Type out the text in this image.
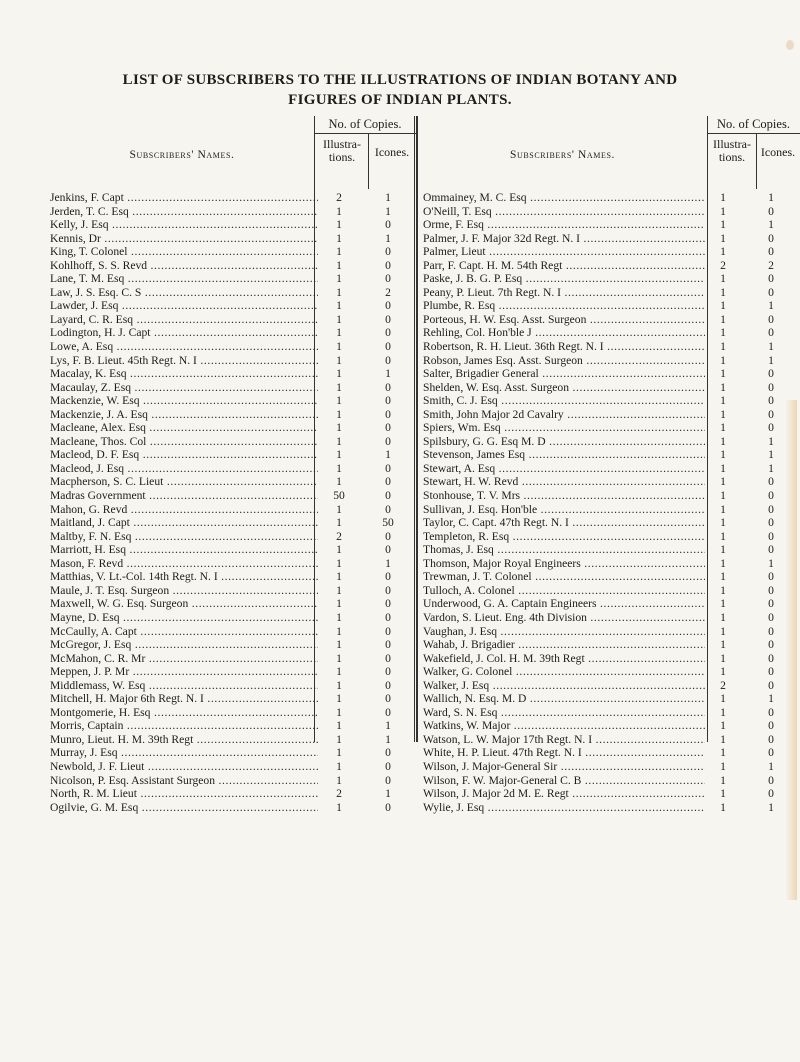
LIST OF SUBSCRIBERS TO THE ILLUSTRATIONS OF INDIAN BOTANY AND
FIGURES OF INDIAN PLANTS.
No. of Copies.
Subscribers' Names.
Illustra-
tions.	Icones.
Jenkins, F. Capt .....	2	1
Jerden, T. C. Esq .....	1	1
Kelly, J. Esq .....	1	0
Kennis, Dr .....	1	1
King, T. Colonel .....	1	0
Kohlhoff, S. S. Revd .....	1	0
Lane, T. M. Esq .....	1	0
Law, J. S. Esq. C. S .....	1	2
Lawder, J. Esq .....	1	0
Layard, C. R. Esq .....	1	0
Lodington, H. J. Capt .....	1	0
Lowe, A. Esq .....	1	0
Lys, F. B. Lieut. 45th Regt. N. I .....	1	0
Macalay, K. Esq .....	1	1
Macaulay, Z. Esq .....	1	0
Mackenzie, W. Esq .....	1	0
Mackenzie, J. A. Esq .....	1	0
Macleane, Alex. Esq .....	1	0
Macleane, Thos. Col .....	1	0
Macleod, D. F. Esq .....	1	1
Macleod, J. Esq .....	1	0
Macpherson, S. C. Lieut .....	1	0
Madras Government .....	50	0
Mahon, G. Revd .....	1	0
Maitland, J. Capt .....	1	50
Maltby, F. N. Esq .....	2	0
Marriott, H. Esq .....	1	0
Mason, F. Revd .....	1	1
Matthias, V. Lt.-Col. 14th Regt. N. I .....	1	0
Maule, J. T. Esq. Surgeon .....	1	0
Maxwell, W. G. Esq. Surgeon .....	1	0
Mayne, D. Esq .....	1	0
McCaully, A. Capt .....	1	0
McGregor, J. Esq .....	1	0
McMahon, C. R. Mr .....	1	0
Meppen, J. P. Mr .....	1	0
Middlemass, W. Esq .....	1	0
Mitchell, H. Major 6th Regt. N. I .....	1	0
Montgomerie, H. Esq .....	1	0
Morris, Captain .....	1	1
Munro, Lieut. H. M. 39th Regt .....	1	1
Murray, J. Esq .....	1	0
Newbold, J. F. Lieut .....	1	0
Nicolson, P. Esq. Assistant Surgeon .....	1	0
North, R. M. Lieut .....	2	1
Ogilvie, G. M. Esq .....	1	0
No. of Copies.
Subscribers' Names.
Illustra-
tions.	Icones.
Ommainey, M. C. Esq .....	1	1
O'Neill, T. Esq .....	1	0
Orme, F. Esq .....	1	1
Palmer, J. F. Major 32d Regt. N. I .....	1	0
Palmer, Lieut .....	1	0
Parr, F. Capt. H. M. 54th Regt .....	2	2
Paske, J. B. G. P. Esq .....	1	0
Peany, P. Lieut. 7th Regt. N. I .....	1	0
Plumbe, R. Esq .....	1	1
Porteous, H. W. Esq. Asst. Surgeon .....	1	0
Rehling, Col. Hon'ble J .....	1	0
Robertson, R. H. Lieut. 36th Regt. N. I .....	1	1
Robson, James Esq. Asst. Surgeon .....	1	1
Salter, Brigadier General .....	1	0
Shelden, W. Esq. Asst. Surgeon .....	1	0
Smith, C. J. Esq .....	1	0
Smith, John Major 2d Cavalry .....	1	0
Spiers, Wm. Esq .....	1	0
Spilsbury, G. G. Esq M. D .....	1	1
Stevenson, James Esq .....	1	1
Stewart, A. Esq .....	1	1
Stewart, H. W. Revd .....	1	0
Stonhouse, T. V. Mrs .....	1	0
Sullivan, J. Esq. Hon'ble .....	1	0
Taylor, C. Capt. 47th Regt. N. I .....	1	0
Templeton, R. Esq .....	1	0
Thomas, J. Esq .....	1	0
Thomson, Major Royal Engineers .....	1	1
Trewman, J. T. Colonel .....	1	0
Tulloch, A. Colonel .....	1	0
Underwood, G. A. Captain Engineers .....	1	0
Vardon, S. Lieut. Eng. 4th Division .....	1	0
Vaughan, J. Esq .....	1	0
Wahab, J. Brigadier .....	1	0
Wakefield, J. Col. H. M. 39th Regt .....	1	0
Walker, G. Colonel .....	1	0
Walker, J. Esq .....	2	0
Wallich, N. Esq. M. D .....	1	1
Ward, S. N. Esq .....	1	0
Watkins, W. Major .....	1	0
Watson, L. W. Major 17th Regt. N. I .....	1	0
White, H. P. Lieut. 47th Regt. N. I .....	1	0
Wilson, J. Major-General Sir .....	1	1
Wilson, F. W. Major-General C. B .....	1	0
Wilson, J. Major 2d M. E. Regt .....	1	0
Wylie, J. Esq .....	1	1
